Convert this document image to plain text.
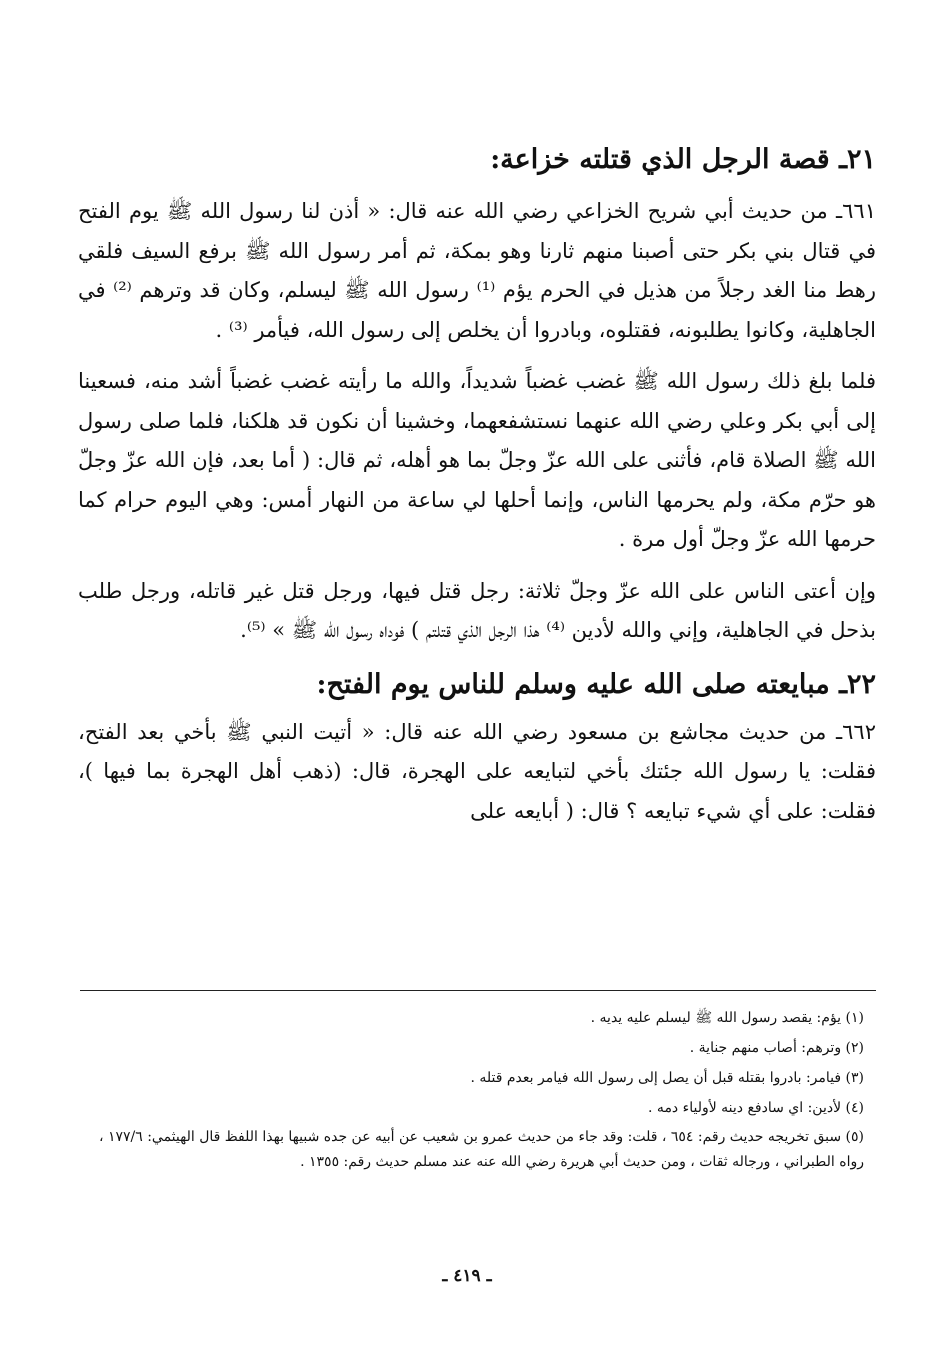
٢١ـ قصة الرجل الذي قتلته خزاعة:

٦٦١ـ من حديث أبي شريح الخزاعي رضي الله عنه قال: « أذن لنا رسول الله ﷺ يوم الفتح في قتال بني بكر حتى أصبنا منهم ثارنا وهو بمكة، ثم أمر رسول الله ﷺ برفع السيف فلقي رهط منا الغد رجلاً من هذيل في الحرم يؤم ⁽¹⁾ رسول الله ﷺ ليسلم، وكان قد وترهم ⁽²⁾ في الجاهلية، وكانوا يطلبونه، فقتلوه، وبادروا أن يخلص إلى رسول الله، فيأمر ⁽³⁾ .

فلما بلغ ذلك رسول الله ﷺ غضب غضباً شديداً، والله ما رأيته غضب غضباً أشد منه، فسعينا إلى أبي بكر وعلي رضي الله عنهما نستشفعهما، وخشينا أن نكون قد هلكنا، فلما صلى رسول الله ﷺ الصلاة قام، فأثنى على الله عزّ وجلّ بما هو أهله، ثم قال: ( أما بعد، فإن الله عزّ وجلّ هو حرّم مكة، ولم يحرمها الناس، وإنما أحلها لي ساعة من النهار أمس: وهي اليوم حرام كما حرمها الله عزّ وجلّ أول مرة .

وإن أعتى الناس على الله عزّ وجلّ ثلاثة: رجل قتل فيها، ورجل قتل غير قاتله، ورجل طلب بذحل في الجاهلية، وإني والله لأدين ⁽⁴⁾ هذا الرجل الذي قتلتم ) فوداه رسول الله ﷺ » ⁽⁵⁾.

٢٢ـ مبايعته صلى الله عليه وسلم للناس يوم الفتح:

٦٦٢ـ من حديث مجاشع بن مسعود رضي الله عنه قال: « أتيت النبي ﷺ بأخي بعد الفتح، فقلت: يا رسول الله جئتك بأخي لتبايعه على الهجرة، قال: (ذهب أهل الهجرة بما فيها )، فقلت: على أي شيء تبايعه ؟ قال: ( أبايعه على

(١) يؤم: يقصد رسول الله ﷺ ليسلم عليه يديه .
(٢) وترهم: أصاب منهم جناية .
(٣) فيامر: بادروا بقتله قبل أن يصل إلى رسول الله فيامر بعدم قتله .
(٤) لأدين: اي سادفع دينه لأولياء دمه .
(٥) سبق تخريجه حديث رقم: ٦٥٤ ، قلت: وقد جاء من حديث عمرو بن شعيب عن أبيه عن جده شبيها بهذا اللفظ قال الهيثمي: ١٧٧/٦ ، رواه الطبراني ، ورجاله ثقات ، ومن حديث أبي هريرة رضي الله عنه عند مسلم حديث رقم: ١٣٥٥ .
ـ ٤١٩ ـ
